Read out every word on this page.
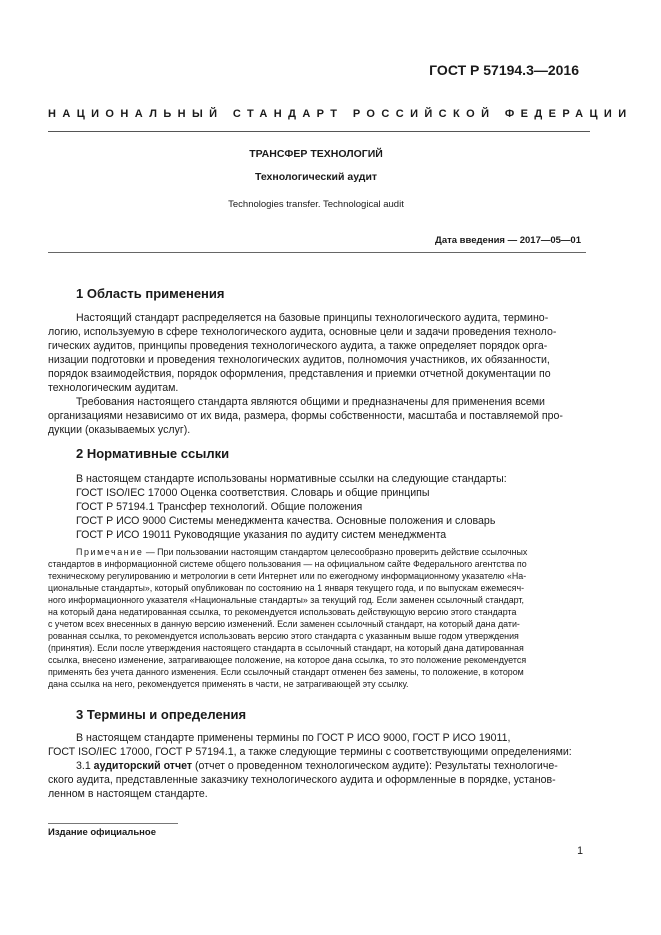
ГОСТ Р 57194.3—2016
НАЦИОНАЛЬНЫЙ СТАНДАРТ РОССИЙСКОЙ ФЕДЕРАЦИИ
ТРАНСФЕР ТЕХНОЛОГИЙ
Технологический аудит
Technologies transfer. Technological audit
Дата введения — 2017—05—01
1 Область применения
Настоящий стандарт распределяется на базовые принципы технологического аудита, термино-
логию, используемую в сфере технологического аудита, основные цели и задачи проведения техноло-
гических аудитов, принципы проведения технологического аудита, а также определяет порядок орга-
низации подготовки и проведения технологических аудитов, полномочия участников, их обязанности,
порядок взаимодействия, порядок оформления, представления и приемки отчетной документации по
технологическим аудитам.
Требования настоящего стандарта являются общими и предназначены для применения всеми
организациями независимо от их вида, размера, формы собственности, масштаба и поставляемой про-
дукции (оказываемых услуг).
2 Нормативные ссылки
В настоящем стандарте использованы нормативные ссылки на следующие стандарты:
ГОСТ ISO/IEC 17000 Оценка соответствия. Словарь и общие принципы
ГОСТ Р 57194.1 Трансфер технологий. Общие положения
ГОСТ Р ИСО 9000 Системы менеджмента качества. Основные положения и словарь
ГОСТ Р ИСО 19011 Руководящие указания по аудиту систем менеджмента
Примечание — При пользовании настоящим стандартом целесообразно проверить действие ссылочных
стандартов в информационной системе общего пользования — на официальном сайте Федерального агентства по
техническому регулированию и метрологии в сети Интернет или по ежегодному информационному указателю «На-
циональные стандарты», который опубликован по состоянию на 1 января текущего года, и по выпускам ежемесяч-
ного информационного указателя «Национальные стандарты» за текущий год. Если заменен ссылочный стандарт,
на который дана недатированная ссылка, то рекомендуется использовать действующую версию этого стандарта
с учетом всех внесенных в данную версию изменений. Если заменен ссылочный стандарт, на который дана дати-
рованная ссылка, то рекомендуется использовать версию этого стандарта с указанным выше годом утверждения
(принятия). Если после утверждения настоящего стандарта в ссылочный стандарт, на который дана датированная
ссылка, внесено изменение, затрагивающее положение, на которое дана ссылка, то это положение рекомендуется
применять без учета данного изменения. Если ссылочный стандарт отменен без замены, то положение, в котором
дана ссылка на него, рекомендуется применять в части, не затрагивающей эту ссылку.
3 Термины и определения
В настоящем стандарте применены термины по ГОСТ Р ИСО 9000, ГОСТ Р ИСО 19011,
ГОСТ ISO/IEC 17000, ГОСТ Р 57194.1, а также следующие термины с соответствующими определениями:
3.1 аудиторский отчет (отчет о проведенном технологическом аудите): Результаты технологиче-
ского аудита, представленные заказчику технологического аудита и оформленные в порядке, установ-
ленном в настоящем стандарте.
Издание официальное
1
